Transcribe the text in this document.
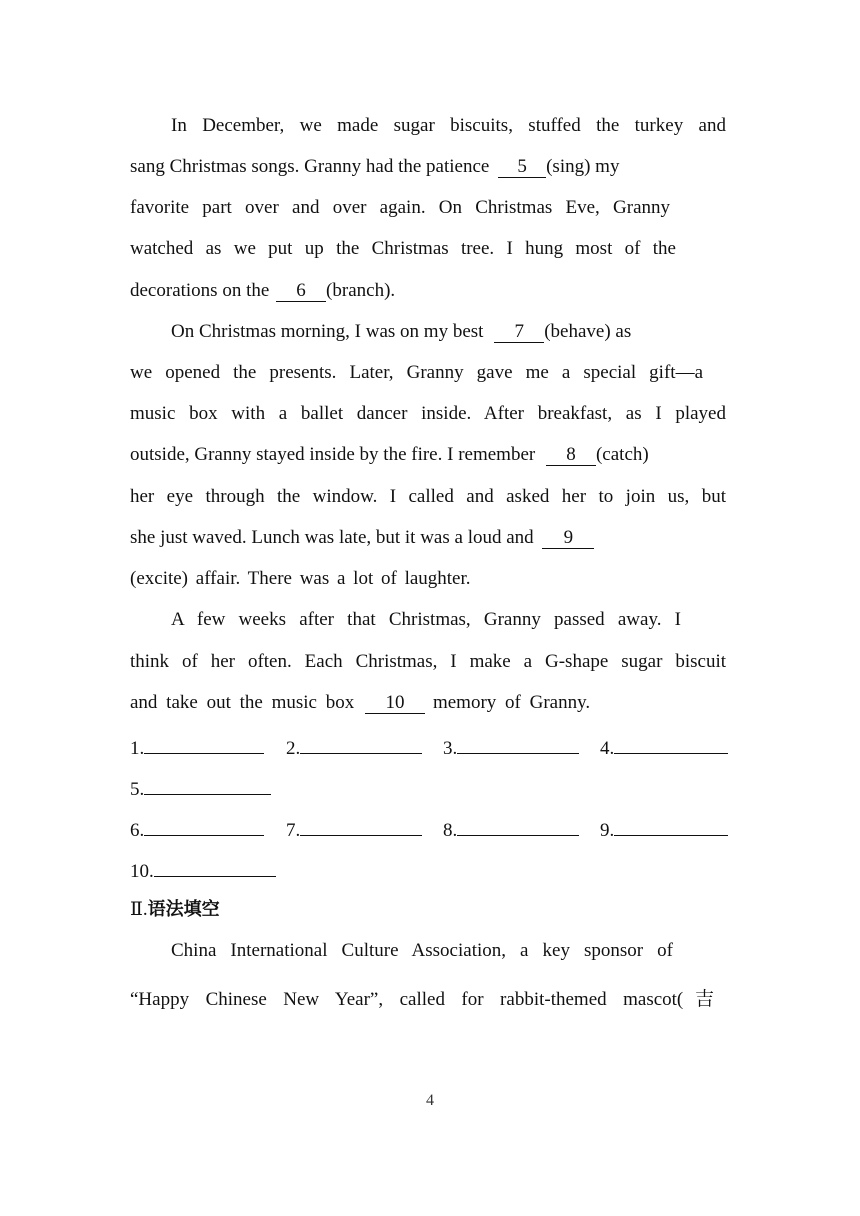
In December, we made sugar biscuits, stuffed the turkey and
sang Christmas songs. Granny had the patience 5 (sing) my
favorite part over and over again. On Christmas Eve, Granny
watched as we put up the Christmas tree. I hung most of the
decorations on the 6 (branch).
On Christmas morning, I was on my best 7 (behave) as
we opened the presents. Later, Granny gave me a special gift—a
music box with a ballet dancer inside. After breakfast, as I played
outside, Granny stayed inside by the fire. I remember 8 (catch)
her eye through the window. I called and asked her to join us, but
she just waved. Lunch was late, but it was a loud and 9
(excite) affair. There was a lot of laughter.
A few weeks after that Christmas, Granny passed away. I
think of her often. Each Christmas, I make a G-shape sugar biscuit
and take out the music box 10 memory of Granny.
1.	2.	3.	4.
5.
6.	7.	8.	9.
10.
Ⅱ.语法填空
China International Culture Association, a key sponsor of
“Happy Chinese New Year”, called for rabbit-themed mascot(吉
4
